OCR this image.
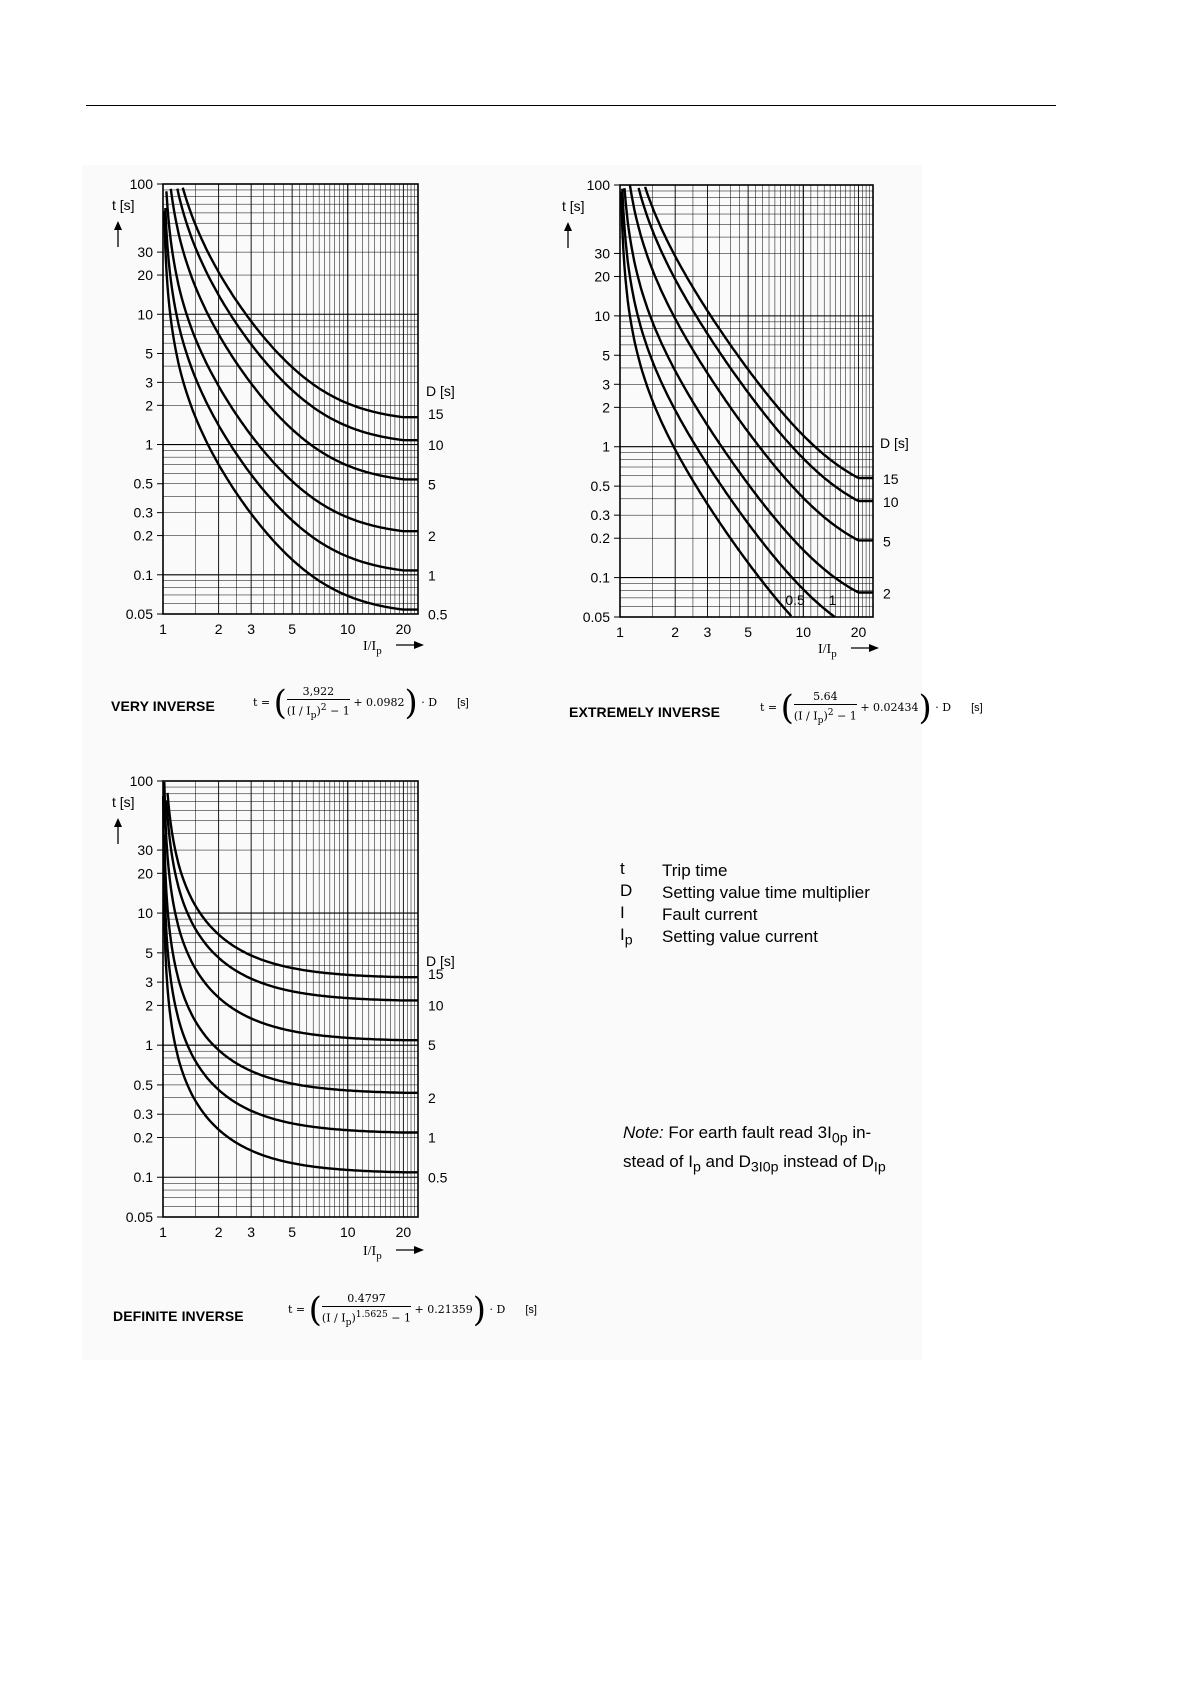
100
30
20
10
5
3
2
1
0.5
0.3
0.2
0.1
0.05
1	2 3 5	10	20
t [s]
$I/I_p$
D [s]
15
10
5
2
1
0.5
100
30
20
10
5
3
2
1
0.5
0.3
0.2
0.1
0.05
1	2 3 5	10	20
t [s]
$I/I_p$
D [s]
15
10
5
2
1
0.5
100
30
20
10
5
3
2
1
0.5
0.3
0.2
0.1
0.05
1	2 3 5	10	20
t [s]
$I/I_p$
D [s]
15
10
5
2
1
0.5
VERY INVERSE	t = ( $\frac{3,922}{(I / I_p)^2 - 1} + 0.0982) \cdot D$ [s]
EXTREMELY INVERSE	t = ( $\frac{5.64}{(I / I_p)^2 - 1} + 0.02434) \cdot D$ [s]
DEFINITE INVERSE	t = ( $\frac{0.4797}{(I / I_p)^{1.5625} - 1} + 0.21359) \cdot D$ [s]
t	Trip time
D	Setting value time multiplier
I	Fault current
$I_p$	Setting value current
Note: For earth fault read $3I_{0p}$ in-
stead of $I_p$ and $D_{3I0p}$ instead of $D_{Ip}$
